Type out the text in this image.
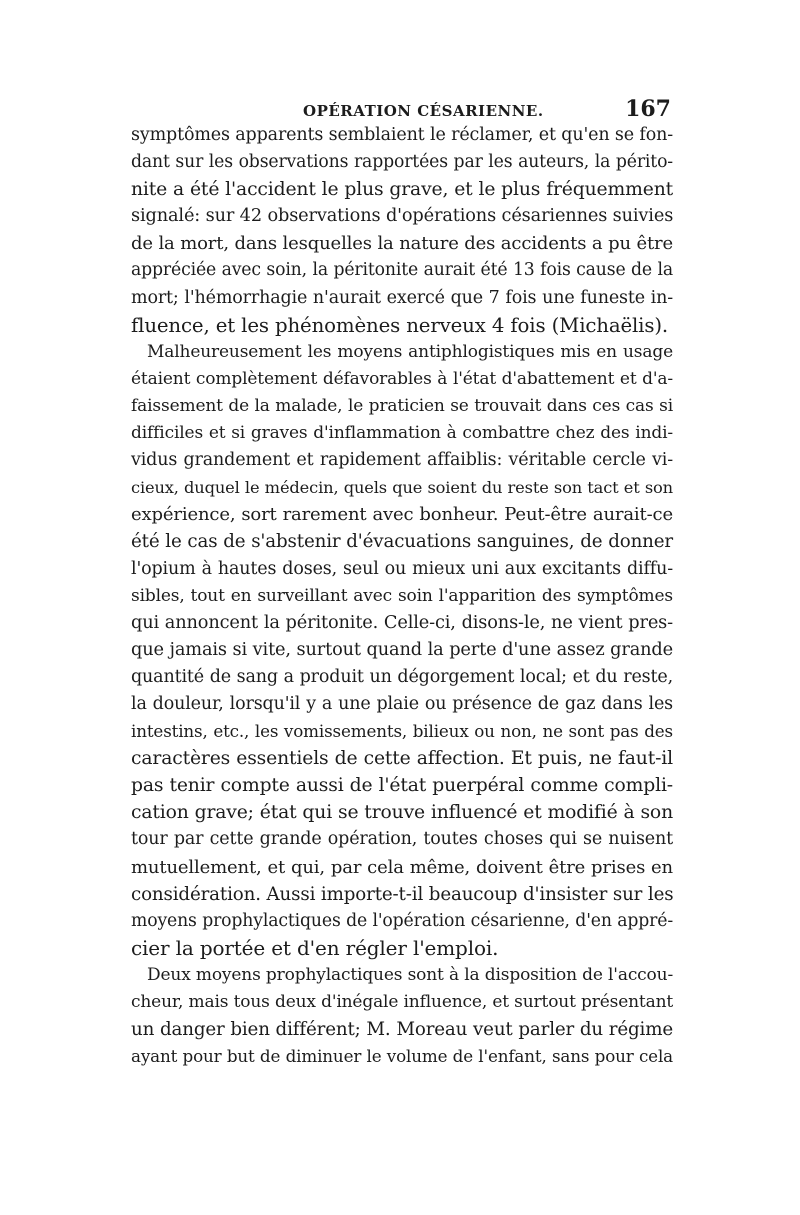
OPÉRATION CÉSARIENNE.	167
symptômes apparents semblaient le réclamer, et qu'en se fon-
dant sur les observations rapportées par les auteurs, la périto-
nite a été l'accident le plus grave, et le plus fréquemment
signalé: sur 42 observations d'opérations césariennes suivies
de la mort, dans lesquelles la nature des accidents a pu être
appréciée avec soin, la péritonite aurait été 13 fois cause de la
mort; l'hémorrhagie n'aurait exercé que 7 fois une funeste in-
fluence, et les phénomènes nerveux 4 fois (Michaëlis).
Malheureusement les moyens antiphlogistiques mis en usage
étaient complètement défavorables à l'état d'abattement et d'a-
faissement de la malade, le praticien se trouvait dans ces cas si
difficiles et si graves d'inflammation à combattre chez des indi-
vidus grandement et rapidement affaiblis: véritable cercle vi-
cieux, duquel le médecin, quels que soient du reste son tact et son
expérience, sort rarement avec bonheur. Peut-être aurait-ce
été le cas de s'abstenir d'évacuations sanguines, de donner
l'opium à hautes doses, seul ou mieux uni aux excitants diffu-
sibles, tout en surveillant avec soin l'apparition des symptômes
qui annoncent la péritonite. Celle-ci, disons-le, ne vient pres-
que jamais si vite, surtout quand la perte d'une assez grande
quantité de sang a produit un dégorgement local; et du reste,
la douleur, lorsqu'il y a une plaie ou présence de gaz dans les
intestins, etc., les vomissements, bilieux ou non, ne sont pas des
caractères essentiels de cette affection. Et puis, ne faut-il
pas tenir compte aussi de l'état puerpéral comme compli-
cation grave; état qui se trouve influencé et modifié à son
tour par cette grande opération, toutes choses qui se nuisent
mutuellement, et qui, par cela même, doivent être prises en
considération. Aussi importe-t-il beaucoup d'insister sur les
moyens prophylactiques de l'opération césarienne, d'en appré-
cier la portée et d'en régler l'emploi.
Deux moyens prophylactiques sont à la disposition de l'accou-
cheur, mais tous deux d'inégale influence, et surtout présentant
un danger bien différent; M. Moreau veut parler du régime
ayant pour but de diminuer le volume de l'enfant, sans pour cela
